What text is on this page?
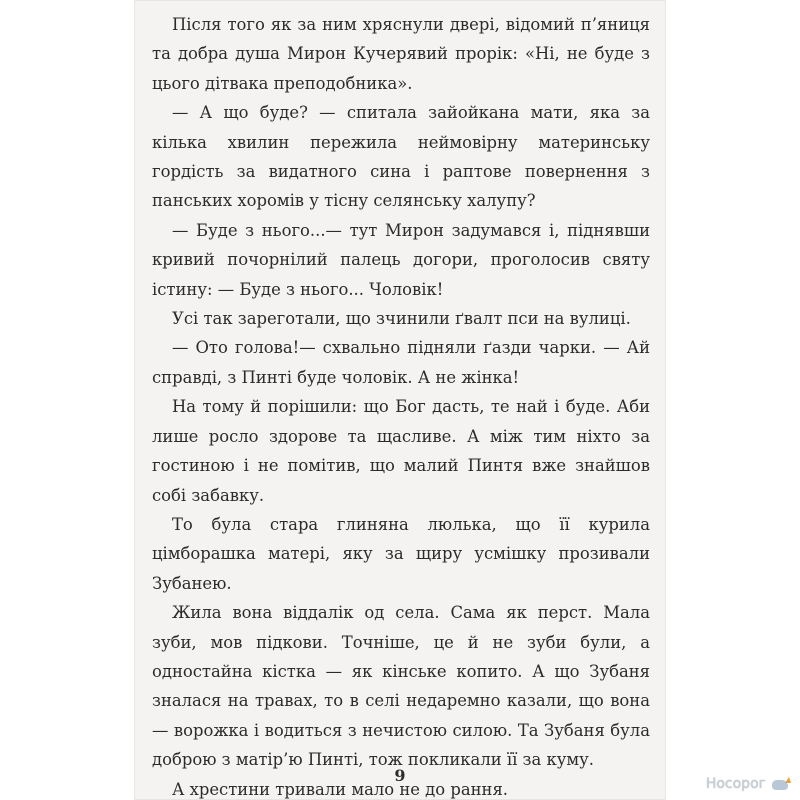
Після того як за ним хряснули двері, відомий п’яниця та добра душа Мирон Кучерявий прорік: «Ні, не буде з цього дітвака преподобника».

— А що буде? — спитала зайойкана мати, яка за кілька хвилин пережила неймовірну материнську гордість за видатного сина і раптове повернення з панських хоромів у тісну селянську халупу?

— Буде з нього...— тут Мирон задумався і, піднявши кривий почорнілий палець догори, проголосив святу істину: — Буде з нього... Чоловік!

Усі так зареготали, що зчинили ґвалт пси на вулиці.

— Ото голова!— схвально підняли ґазди чарки. — Ай справді, з Пинті буде чоловік. А не жінка!

На тому й порішили: що Бог дасть, те най і буде. Аби лише росло здорове та щасливе. А між тим ніхто за гостиною і не помітив, що малий Пинтя вже знайшов собі забавку.

То була стара глиняна люлька, що її курила цімборашка матері, яку за щиру усмішку прозивали Зубанею.

Жила вона віддалік од села. Сама як перст. Мала зуби, мов підкови. Точніше, це й не зуби були, а одностайна кістка — як кінське копито. А що Зубаня зналася на травах, то в селі недаремно казали, що вона — ворожка і водиться з нечистою силою. Та Зубаня була доброю з матір’ю Пинті, тож покликали її за куму.

А хрестини тривали мало не до рання.

9	Носорог
